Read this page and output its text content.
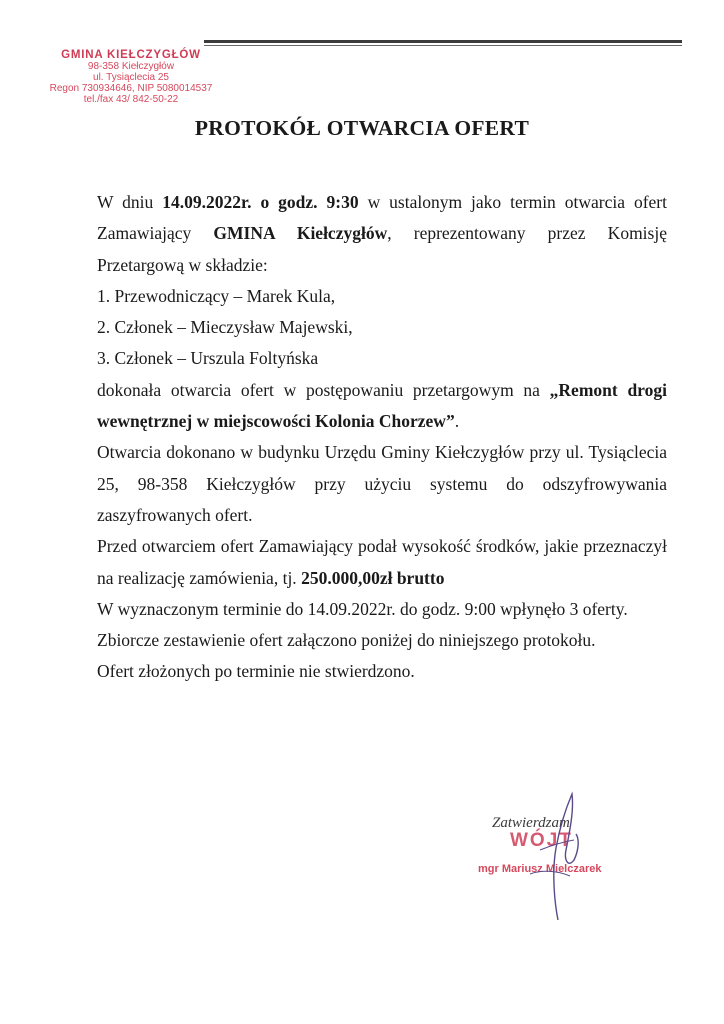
GMINA KIEŁCZYGŁÓW
98-358 Kiełczygłów
ul. Tysiąclecia 25
Regon 730934646, NIP 5080014537
tel./fax 43/ 842-50-22
PROTOKÓŁ OTWARCIA OFERT

W dniu 14.09.2022r. o godz. 9:30 w ustalonym jako termin otwarcia ofert Zamawiający GMINA Kiełczygłów, reprezentowany przez Komisję Przetargową w składzie:

1. Przewodniczący – Marek Kula,

2. Członek – Mieczysław Majewski,

3. Członek – Urszula Foltyńska

dokonała otwarcia ofert w postępowaniu przetargowym na „Remont drogi wewnętrznej w miejscowości Kolonia Chorzew”.

Otwarcia dokonano w budynku Urzędu Gminy Kiełczygłów przy ul. Tysiąclecia 25, 98-358 Kiełczygłów przy użyciu systemu do odszyfrowywania zaszyfrowanych ofert.

Przed otwarciem ofert Zamawiający podał wysokość środków, jakie przeznaczył na realizację zamówienia, tj. 250.000,00zł brutto

W wyznaczonym terminie do 14.09.2022r. do godz. 9:00 wpłynęło 3 oferty.

Zbiorcze zestawienie ofert załączono poniżej do niniejszego protokołu.

Ofert złożonych po terminie nie stwierdzono.

WÓJT
Zatwierdzam
mgr Mariusz Mielczarek
